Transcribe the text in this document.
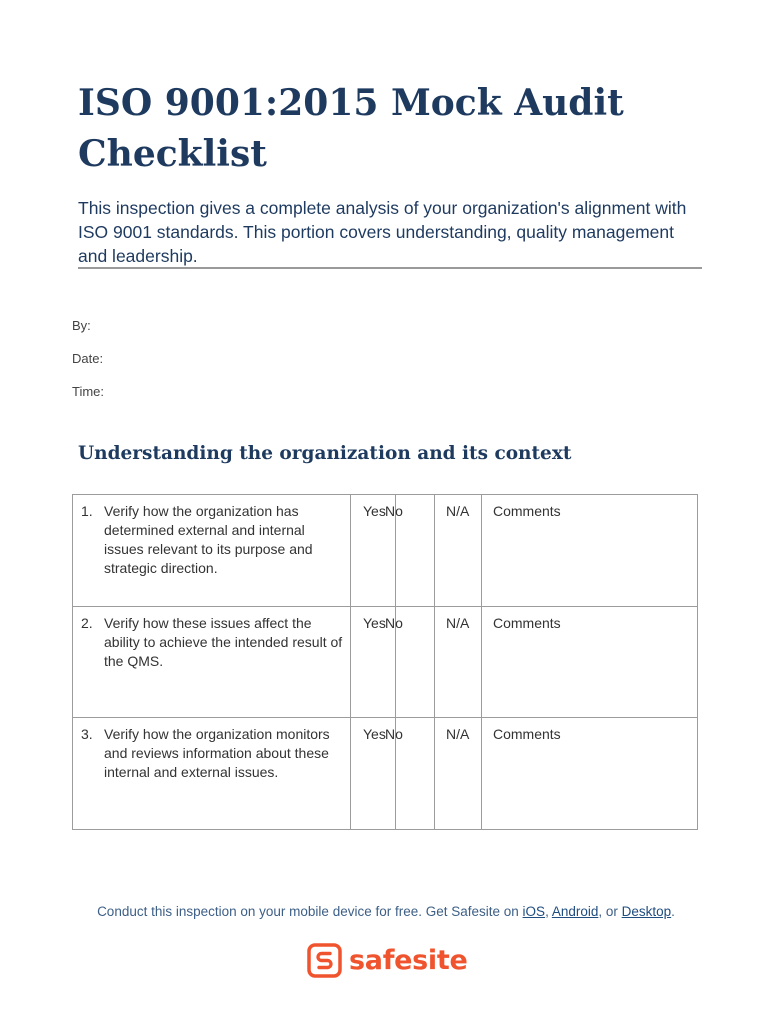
ISO 9001:2015 Mock Audit
Checklist
This inspection gives a complete analysis of your organization's alignment with ISO 9001 standards. This portion covers understanding, quality management and leadership.
By:
Date:
Time:
Understanding the organization and its context
1. Verify how the organization has determined external and internal issues relevant to its purpose and strategic direction.	Yes	No	N/A	Comments

2. Verify how these issues affect the ability to achieve the intended result of the QMS.	Yes	No	N/A	Comments

3. Verify how the organization monitors and reviews information about these internal and external issues.	Yes	No	N/A	Comments
Conduct this inspection on your mobile device for free. Get Safesite on iOS, Android, or Desktop.
safesite
